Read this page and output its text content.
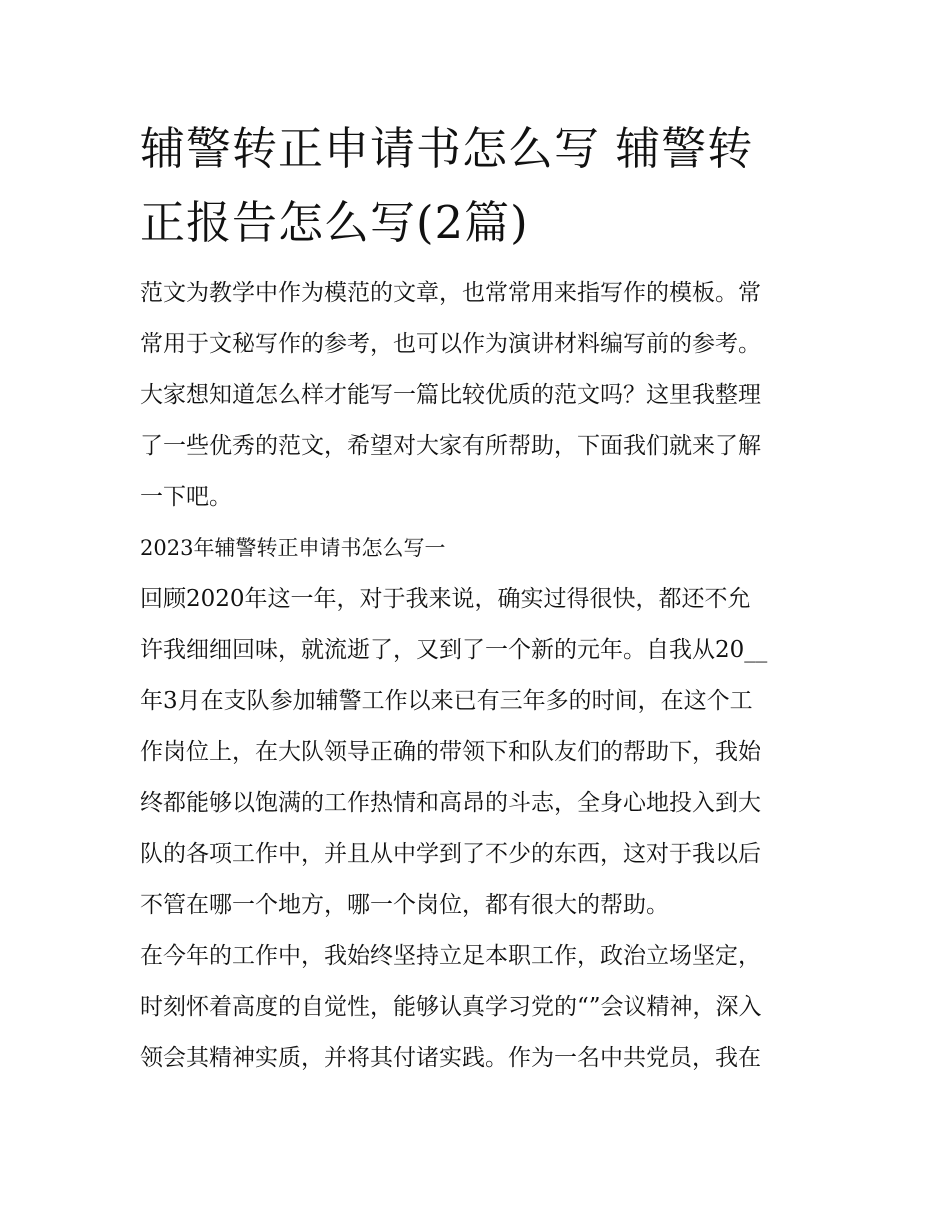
辅警转正申请书怎么写 辅警转
正报告怎么写(2篇)

范文为教学中作为模范的文章，也常常用来指写作的模板。常
常用于文秘写作的参考，也可以作为演讲材料编写前的参考。
大家想知道怎么样才能写一篇比较优质的范文吗？这里我整理
了一些优秀的范文，希望对大家有所帮助，下面我们就来了解
一下吧。

2023年辅警转正申请书怎么写一

回顾2020年这一年，对于我来说，确实过得很快，都还不允
许我细细回味，就流逝了，又到了一个新的元年。自我从20__
年3月在支队参加辅警工作以来已有三年多的时间，在这个工
作岗位上，在大队领导正确的带领下和队友们的帮助下，我始
终都能够以饱满的工作热情和高昂的斗志，全身心地投入到大
队的各项工作中，并且从中学到了不少的东西，这对于我以后
不管在哪一个地方，哪一个岗位，都有很大的帮助。

在今年的工作中，我始终坚持立足本职工作，政治立场坚定，
时刻怀着高度的自觉性，能够认真学习党的“”会议精神，深入
领会其精神实质，并将其付诸实践。作为一名中共党员，我在
